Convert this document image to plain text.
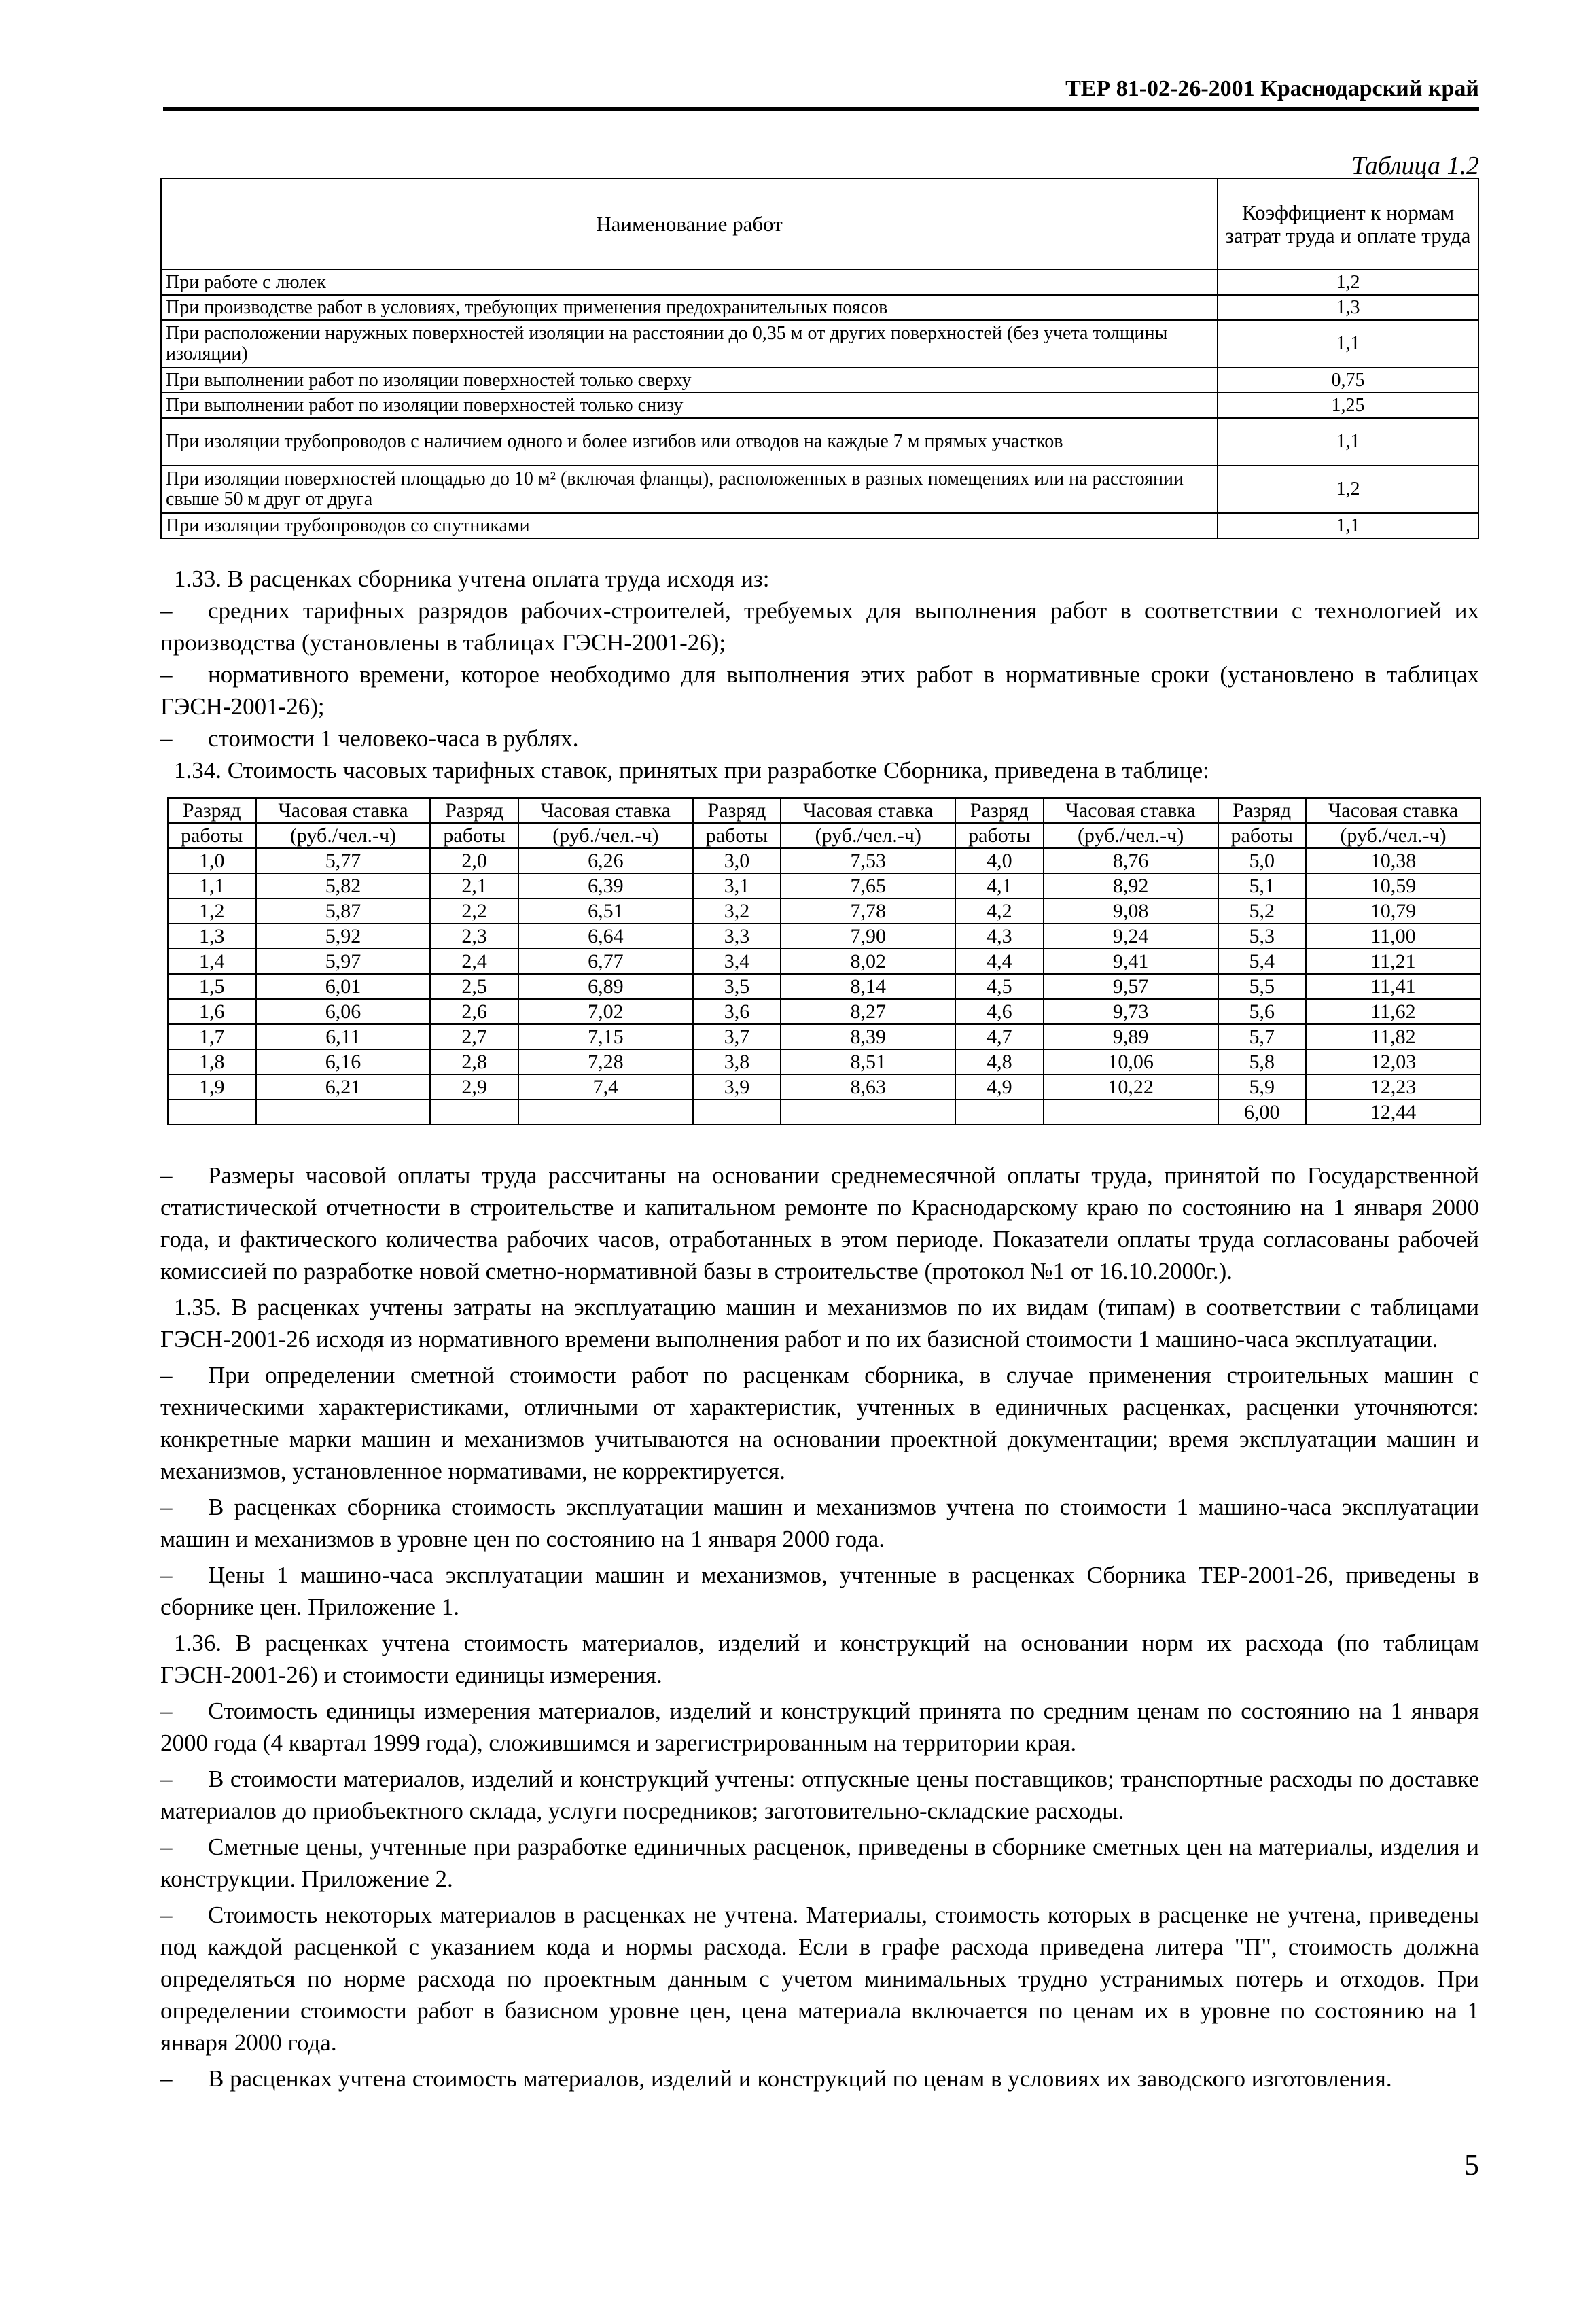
ТЕР 81-02-26-2001 Краснодарский край
Таблица 1.2
Наименование работ	Коэффициент к нормам затрат труда и оплате труда
При работе с люлек	1,2
При производстве работ в условиях, требующих применения предохранительных поясов	1,3
При расположении наружных поверхностей изоляции на расстоянии до 0,35 м от других поверхностей (без учета толщины изоляции)	1,1
При выполнении работ по изоляции поверхностей только сверху	0,75
При выполнении работ по изоляции поверхностей только снизу	1,25
При изоляции трубопроводов с наличием одного и более изгибов или отводов на каждые 7 м прямых участков	1,1
При изоляции поверхностей площадью до 10 м² (включая фланцы), расположенных в разных помещениях или на расстоянии свыше 50 м друг от друга	1,2
При изоляции трубопроводов со спутниками	1,1

1.33. В расценках сборника учтена оплата труда исходя из:

– средних тарифных разрядов рабочих-строителей, требуемых для выполнения работ в соответствии с технологией их производства (установлены в таблицах ГЭСН-2001-26);

– нормативного времени, которое необходимо для выполнения этих работ в нормативные сроки (установлено в таблицах ГЭСН-2001-26);

– стоимости 1 человеко-часа в рублях.

1.34. Стоимость часовых тарифных ставок, принятых при разработке Сборника, приведена в таблице:

Разряд	Часовая ставка	Разряд	Часовая ставка	Разряд	Часовая ставка	Разряд	Часовая ставка	Разряд	Часовая ставка
работы	(руб./чел.-ч)	работы	(руб./чел.-ч)	работы	(руб./чел.-ч)	работы	(руб./чел.-ч)	работы	(руб./чел.-ч)
1,0	5,77	2,0	6,26	3,0	7,53	4,0	8,76	5,0	10,38
1,1	5,82	2,1	6,39	3,1	7,65	4,1	8,92	5,1	10,59
1,2	5,87	2,2	6,51	3,2	7,78	4,2	9,08	5,2	10,79
1,3	5,92	2,3	6,64	3,3	7,90	4,3	9,24	5,3	11,00
1,4	5,97	2,4	6,77	3,4	8,02	4,4	9,41	5,4	11,21
1,5	6,01	2,5	6,89	3,5	8,14	4,5	9,57	5,5	11,41
1,6	6,06	2,6	7,02	3,6	8,27	4,6	9,73	5,6	11,62
1,7	6,11	2,7	7,15	3,7	8,39	4,7	9,89	5,7	11,82
1,8	6,16	2,8	7,28	3,8	8,51	4,8	10,06	5,8	12,03
1,9	6,21	2,9	7,4	3,9	8,63	4,9	10,22	5,9	12,23
								6,00	12,44

– Размеры часовой оплаты труда рассчитаны на основании среднемесячной оплаты труда, принятой по Государственной статистической отчетности в строительстве и капитальном ремонте по Краснодарскому краю по состоянию на 1 января 2000 года, и фактического количества рабочих часов, отработанных в этом периоде. Показатели оплаты труда согласованы рабочей комиссией по разработке новой сметно-нормативной базы в строительстве (протокол №1 от 16.10.2000г.).

1.35. В расценках учтены затраты на эксплуатацию машин и механизмов по их видам (типам) в соответствии с таблицами ГЭСН-2001-26 исходя из нормативного времени выполнения работ и по их базисной стоимости 1 машино-часа эксплуатации.

– При определении сметной стоимости работ по расценкам сборника, в случае применения строительных машин с техническими характеристиками, отличными от характеристик, учтенных в единичных расценках, расценки уточняются: конкретные марки машин и механизмов учитываются на основании проектной документации; время эксплуатации машин и механизмов, установленное нормативами, не корректируется.

– В расценках сборника стоимость эксплуатации машин и механизмов учтена по стоимости 1 машино-часа эксплуатации машин и механизмов в уровне цен по состоянию на 1 января 2000 года.

– Цены 1 машино-часа эксплуатации машин и механизмов, учтенные в расценках Сборника ТЕР-2001-26, приведены в сборнике цен. Приложение 1.

1.36. В расценках учтена стоимость материалов, изделий и конструкций на основании норм их расхода (по таблицам ГЭСН-2001-26) и стоимости единицы измерения.

– Стоимость единицы измерения материалов, изделий и конструкций принята по средним ценам по состоянию на 1 января 2000 года (4 квартал 1999 года), сложившимся и зарегистрированным на территории края.

– В стоимости материалов, изделий и конструкций учтены: отпускные цены поставщиков; транспортные расходы по доставке материалов до приобъектного склада, услуги посредников; заготовительно-складские расходы.

– Сметные цены, учтенные при разработке единичных расценок, приведены в сборнике сметных цен на материалы, изделия и конструкции. Приложение 2.

– Стоимость некоторых материалов в расценках не учтена. Материалы, стоимость которых в расценке не учтена, приведены под каждой расценкой с указанием кода и нормы расхода. Если в графе расхода приведена литера "П", стоимость должна определяться по норме расхода по проектным данным с учетом минимальных трудно устранимых потерь и отходов. При определении стоимости работ в базисном уровне цен, цена материала включается по ценам их в уровне по состоянию на 1 января 2000 года.

– В расценках учтена стоимость материалов, изделий и конструкций по ценам в условиях их заводского изготовления.

5
